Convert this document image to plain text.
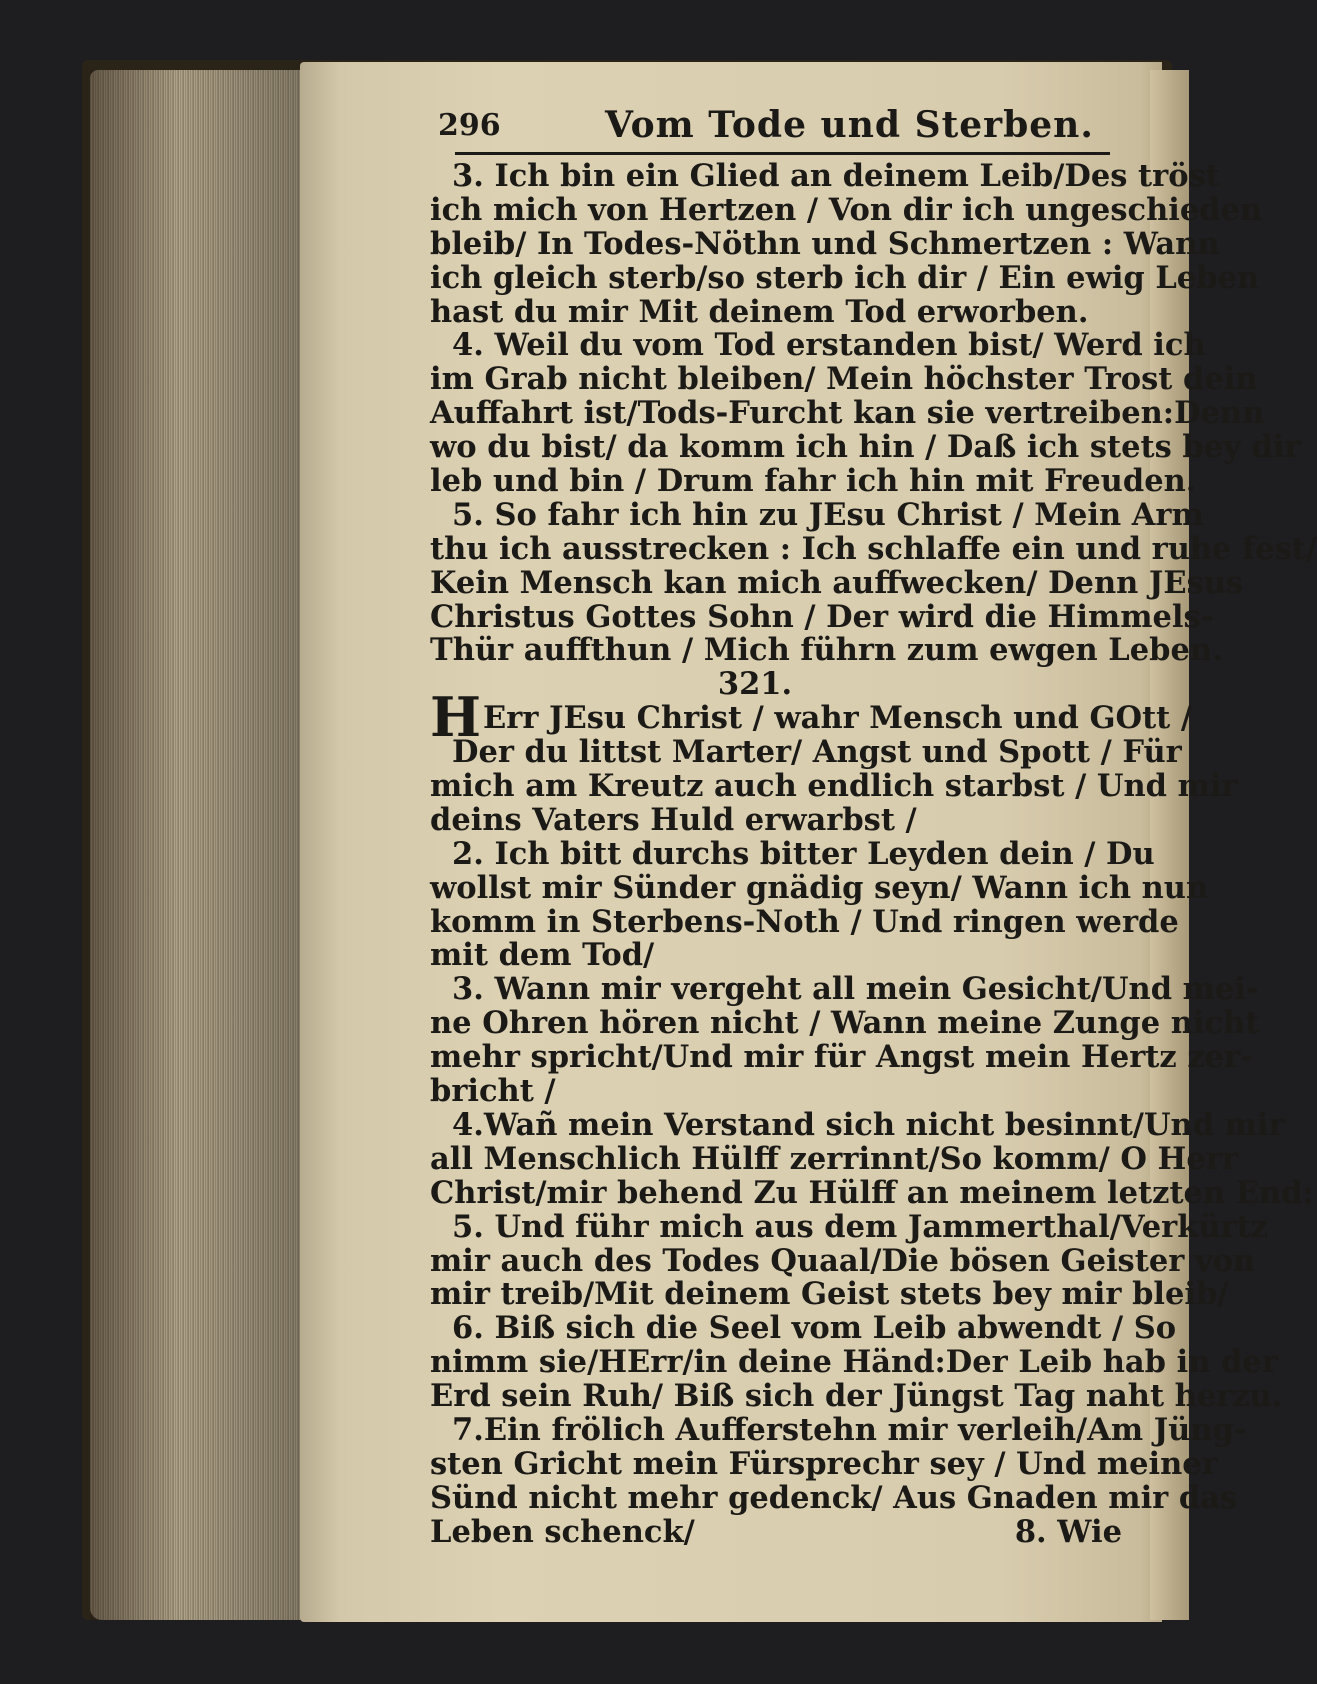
296	Vom Tode und Sterben.
3. Ich bin ein Glied an deinem Leib/Des tröst
ich mich von Hertzen / Von dir ich ungeschieden
bleib/ In Todes-Nöthn und Schmertzen : Wann
ich gleich sterb/so sterb ich dir / Ein ewig Leben
hast du mir Mit deinem Tod erworben.
4. Weil du vom Tod erstanden bist/ Werd ich
im Grab nicht bleiben/ Mein höchster Trost dein
Auffahrt ist/Tods-Furcht kan sie vertreiben:Denn
wo du bist/ da komm ich hin / Daß ich stets bey dir
leb und bin / Drum fahr ich hin mit Freuden.
5. So fahr ich hin zu JEsu Christ / Mein Arm
thu ich ausstrecken : Ich schlaffe ein und ruhe fest/
Kein Mensch kan mich auffwecken/ Denn JEsus
Christus Gottes Sohn / Der wird die Himmels-
Thür auffthun / Mich führn zum ewgen Leben.
321.
HErr JEsu Christ / wahr Mensch und GOtt /
Der du littst Marter/ Angst und Spott / Für
mich am Kreutz auch endlich starbst / Und mir
deins Vaters Huld erwarbst /
2. Ich bitt durchs bitter Leyden dein / Du
wollst mir Sünder gnädig seyn/ Wann ich nun
komm in Sterbens-Noth / Und ringen werde
mit dem Tod/
3. Wann mir vergeht all mein Gesicht/Und mei-
ne Ohren hören nicht / Wann meine Zunge nicht
mehr spricht/Und mir für Angst mein Hertz zer-
bricht /
4.Wañ mein Verstand sich nicht besinnt/Und mir
all Menschlich Hülff zerrinnt/So komm/ O Herr
Christ/mir behend Zu Hülff an meinem letzten End:
5. Und führ mich aus dem Jammerthal/Verkürtz
mir auch des Todes Quaal/Die bösen Geister von
mir treib/Mit deinem Geist stets bey mir bleib/
6. Biß sich die Seel vom Leib abwendt / So
nimm sie/HErr/in deine Händ:Der Leib hab in der
Erd sein Ruh/ Biß sich der Jüngst Tag naht herzu.
7.Ein frölich Aufferstehn mir verleih/Am Jüng-
sten Gricht mein Fürsprechr sey / Und meiner
Sünd nicht mehr gedenck/ Aus Gnaden mir das
Leben schenck/	8. Wie
